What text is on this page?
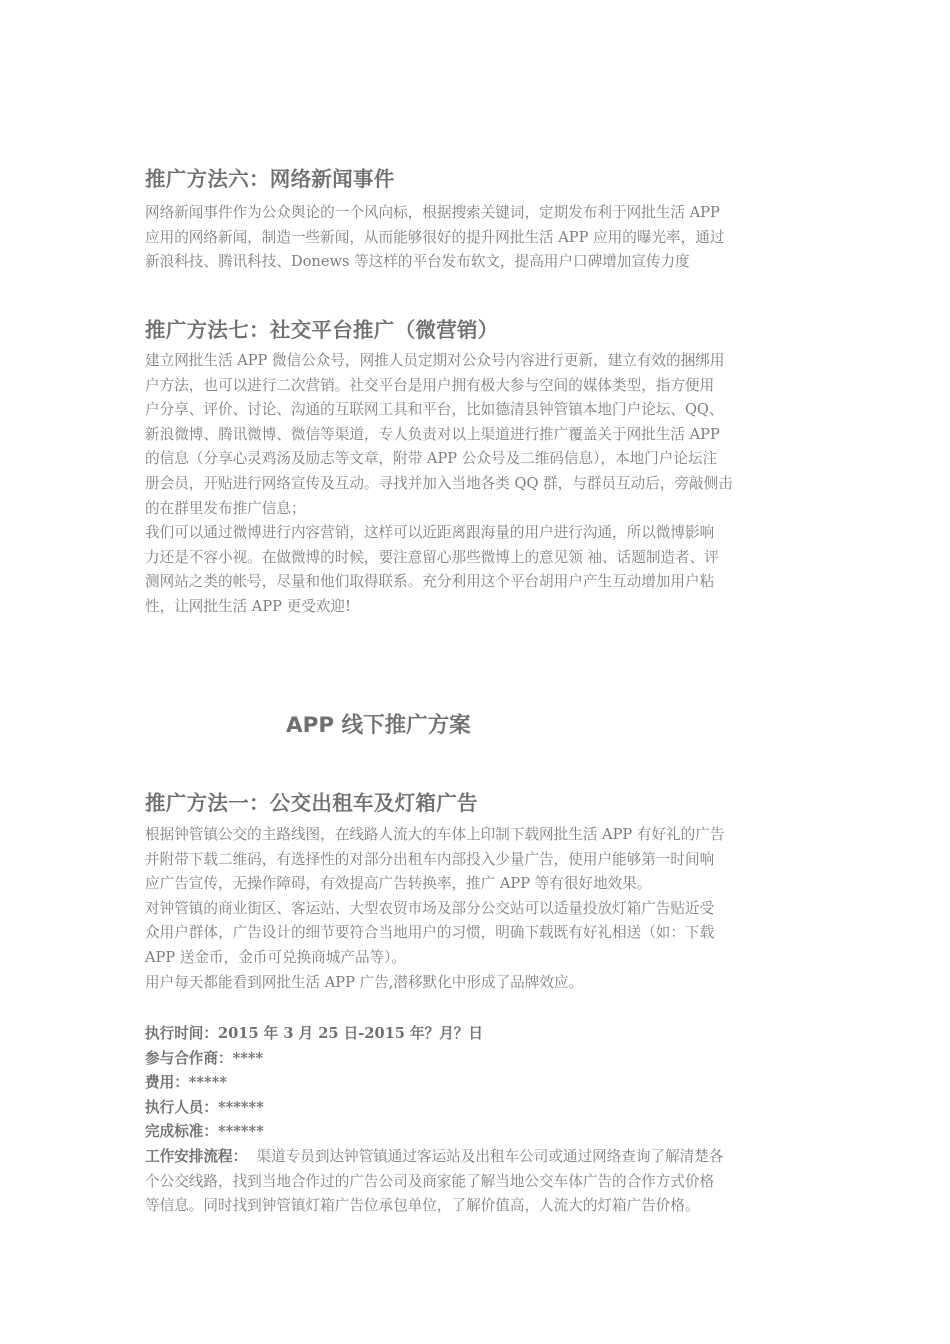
推广方法六：网络新闻事件
网络新闻事件作为公众舆论的一个风向标，根据搜索关键词，定期发布利于网批生活 APP
应用的网络新闻，制造一些新闻，从而能够很好的提升网批生活 APP 应用的曝光率，通过
新浪科技、腾讯科技、Donews 等这样的平台发布软文，提高用户口碑增加宣传力度
推广方法七：社交平台推广（微营销）
建立网批生活 APP 微信公众号，网推人员定期对公众号内容进行更新，建立有效的捆绑用
户方法，也可以进行二次营销。社交平台是用户拥有极大参与空间的媒体类型，指方便用
户分享、评价、讨论、沟通的互联网工具和平台，比如德清县钟管镇本地门户论坛、QQ、
新浪微博、腾讯微博、微信等渠道，专人负责对以上渠道进行推广覆盖关于网批生活 APP
的信息（分享心灵鸡汤及励志等文章，附带 APP 公众号及二维码信息），本地门户论坛注
册会员，开贴进行网络宣传及互动。寻找并加入当地各类 QQ 群，与群员互动后，旁敲侧击
的在群里发布推广信息；
我们可以通过微博进行内容营销，这样可以近距离跟海量的用户进行沟通，所以微博影响
力还是不容小视。在做微博的时候，要注意留心那些微博上的意见领 袖、话题制造者、评
测网站之类的帐号，尽量和他们取得联系。充分利用这个平台胡用户产生互动增加用户粘
性，让网批生活 APP 更受欢迎!
APP 线下推广方案
推广方法一：公交出租车及灯箱广告
根据钟管镇公交的主路线图，在线路人流大的车体上印制下载网批生活 APP 有好礼的广告
并附带下载二维码，有选择性的对部分出租车内部投入少量广告，使用户能够第一时间响
应广告宣传，无操作障碍，有效提高广告转换率，推广 APP 等有很好地效果。
对钟管镇的商业街区、客运站、大型农贸市场及部分公交站可以适量投放灯箱广告贴近受
众用户群体，广告设计的细节要符合当地用户的习惯，明确下载既有好礼相送（如：下载
APP 送金币，金币可兑换商城产品等）。
用户每天都能看到网批生活 APP 广告,潜移默化中形成了品牌效应。
执行时间：2015 年 3 月 25 日-2015 年？月？日
参与合作商：****
费用：*****
执行人员：******
完成标准：******
工作安排流程：  渠道专员到达钟管镇通过客运站及出租车公司或通过网络查询了解清楚各
个公交线路，找到当地合作过的广告公司及商家能了解当地公交车体广告的合作方式价格
等信息。同时找到钟管镇灯箱广告位承包单位，了解价值高，人流大的灯箱广告价格。
